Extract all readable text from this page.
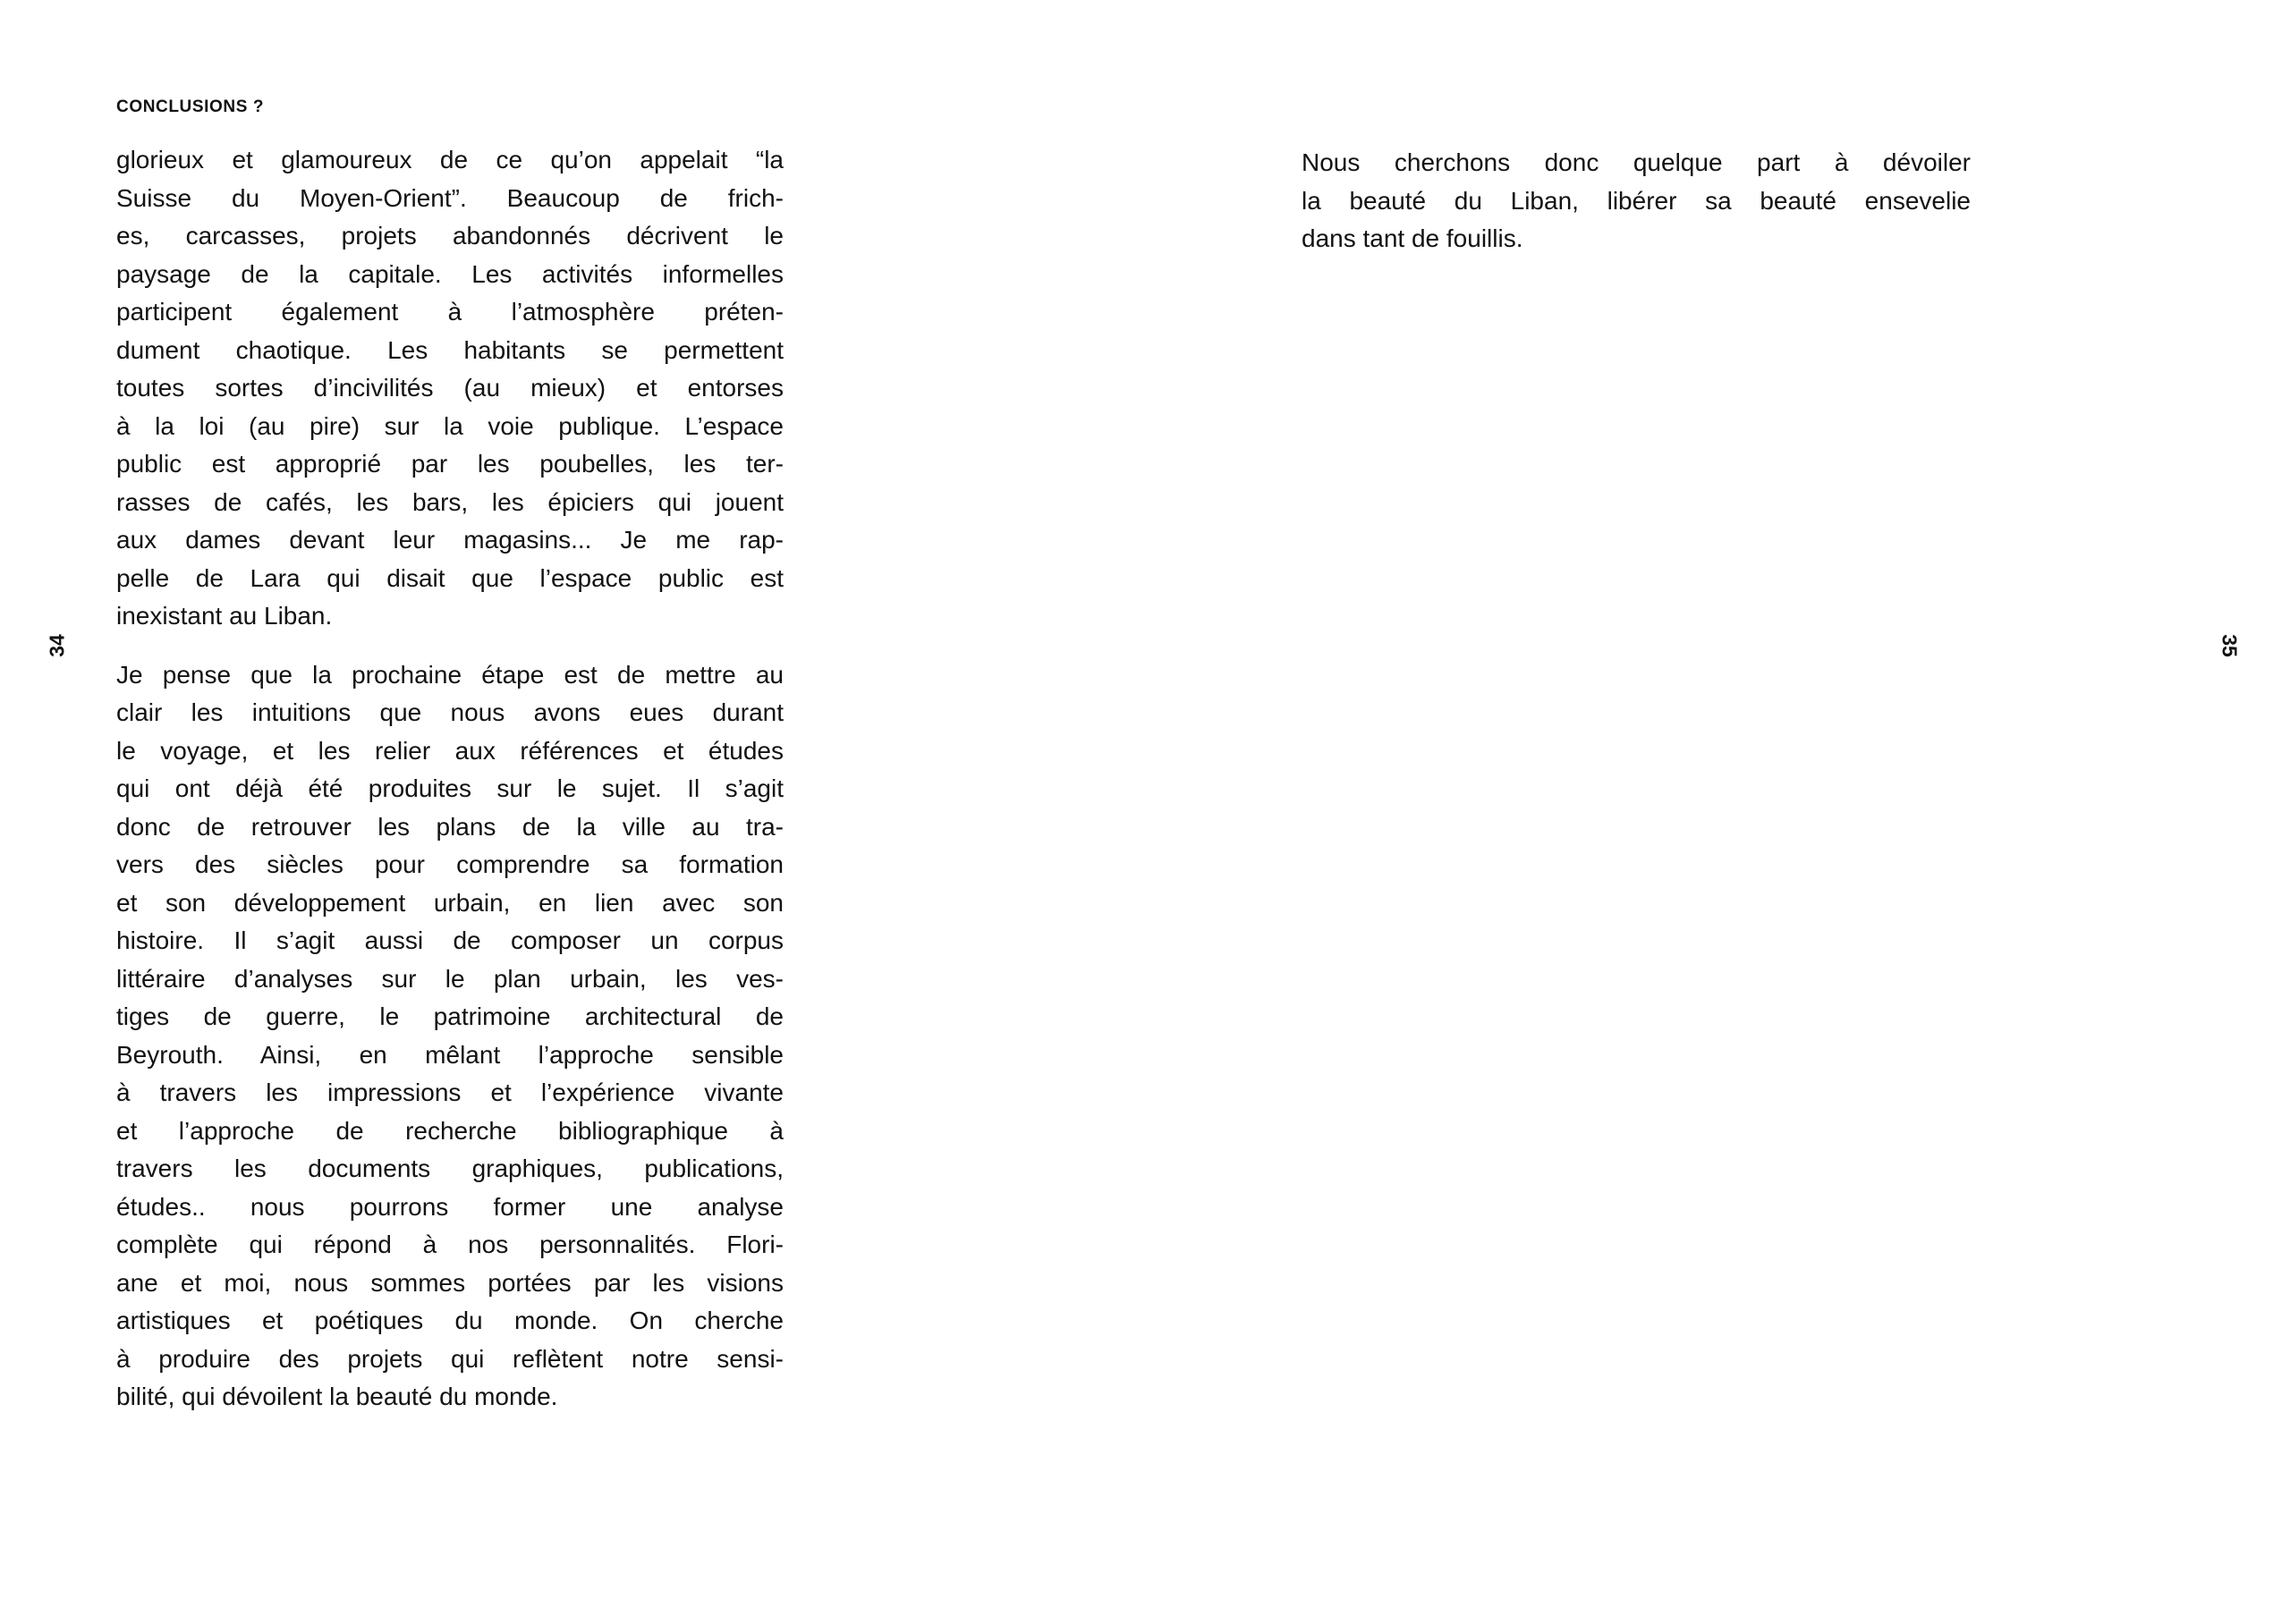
CONCLUSIONS ?
glorieux et glamoureux de ce qu’on appelait “la
Suisse du Moyen-Orient”. Beaucoup de frich-
es, carcasses, projets abandonnés décrivent le
paysage de la capitale. Les activités informelles
participent également à l’atmosphère préten-
dument chaotique. Les habitants se permettent
toutes sortes d’incivilités (au mieux) et entorses
à la loi (au pire) sur la voie publique. L’espace
public est approprié par les poubelles, les ter-
rasses de cafés, les bars, les épiciers qui jouent
aux dames devant leur magasins... Je me rap-
pelle de Lara qui disait que l’espace public est
inexistant au Liban.
Je pense que la prochaine étape est de mettre au
clair les intuitions que nous avons eues durant
le voyage, et les relier aux références et études
qui ont déjà été produites sur le sujet. Il s’agit
donc de retrouver les plans de la ville au tra-
vers des siècles pour comprendre sa formation
et son développement urbain, en lien avec son
histoire. Il s’agit aussi de composer un corpus
littéraire d’analyses sur le plan urbain, les ves-
tiges de guerre, le patrimoine architectural de
Beyrouth. Ainsi, en mêlant l’approche sensible
à travers les impressions et l’expérience vivante
et l’approche de recherche bibliographique à
travers les documents graphiques, publications,
études.. nous pourrons former une analyse
complète qui répond à nos personnalités. Flori-
ane et moi, nous sommes portées par les visions
artistiques et poétiques du monde. On cherche
à produire des projets qui reflètent notre sensi-
bilité, qui dévoilent la beauté du monde.
Nous cherchons donc quelque part à dévoiler
la beauté du Liban, libérer sa beauté ensevelie
dans tant de fouillis.
34	35
